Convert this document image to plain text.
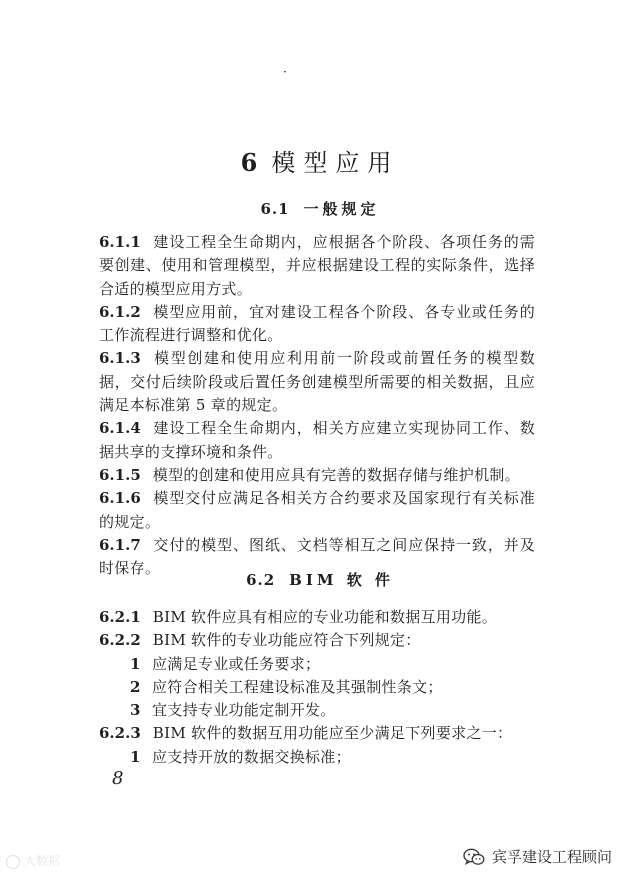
·
6 模型应用
6.1 一般规定

6.1.1 建设工程全生命期内，应根据各个阶段、各项任务的需要创建、使用和管理模型，并应根据建设工程的实际条件，选择合适的模型应用方式。

6.1.2 模型应用前，宜对建设工程各个阶段、各专业或任务的工作流程进行调整和优化。

6.1.3 模型创建和使用应利用前一阶段或前置任务的模型数据，交付后续阶段或后置任务创建模型所需要的相关数据，且应满足本标准第 5 章的规定。

6.1.4 建设工程全生命期内，相关方应建立实现协同工作、数据共享的支撑环境和条件。

6.1.5 模型的创建和使用应具有完善的数据存储与维护机制。

6.1.6 模型交付应满足各相关方合约要求及国家现行有关标准的规定。

6.1.7 交付的模型、图纸、文档等相互之间应保持一致，并及时保存。

6.2 BIM 软 件

6.2.1 BIM 软件应具有相应的专业功能和数据互用功能。

6.2.2 BIM 软件的专业功能应符合下列规定：

1 应满足专业或任务要求；

2 应符合相关工程建设标准及其强制性条文；

3 宜支持专业功能定制开发。

6.2.3 BIM 软件的数据互用功能应至少满足下列要求之一：

1 应支持开放的数据交换标准；

8
大数据	宾孚建设工程顾问
